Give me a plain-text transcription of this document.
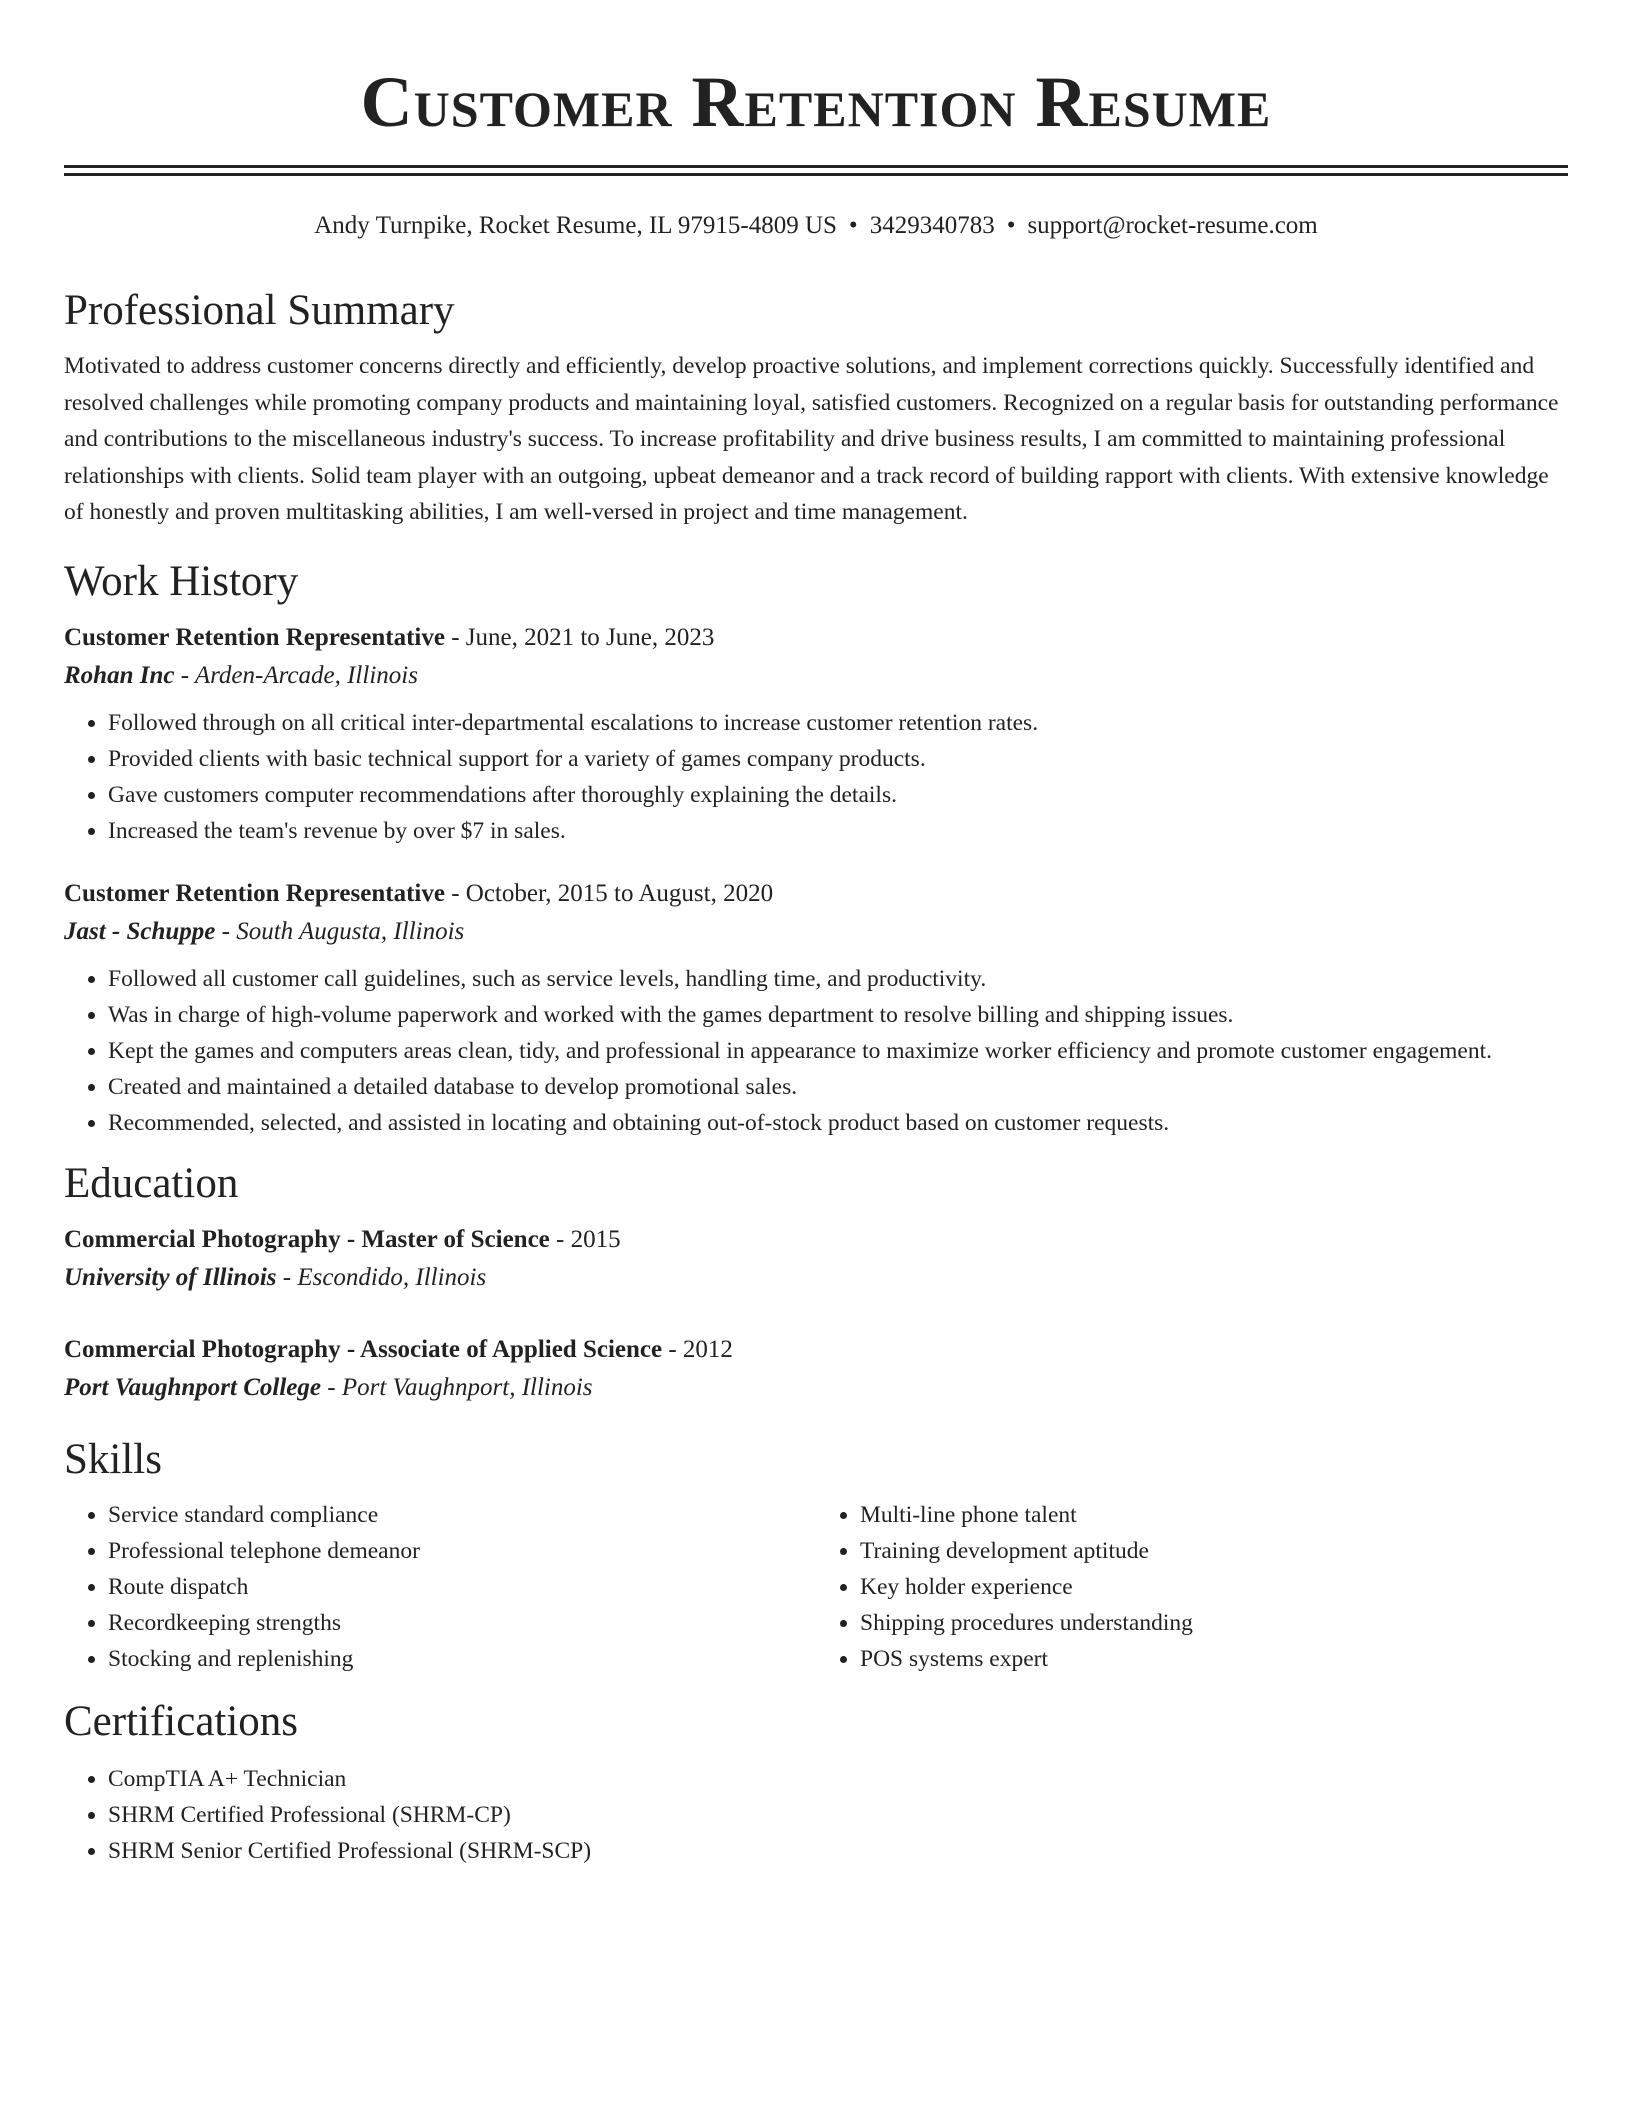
Customer Retention Resume
Andy Turnpike, Rocket Resume, IL 97915-4809 US • 3429340783 • support@rocket-resume.com
Professional Summary

Motivated to address customer concerns directly and efficiently, develop proactive solutions, and implement corrections quickly. Successfully identified and resolved challenges while promoting company products and maintaining loyal, satisfied customers. Recognized on a regular basis for outstanding performance and contributions to the miscellaneous industry's success. To increase profitability and drive business results, I am committed to maintaining professional relationships with clients. Solid team player with an outgoing, upbeat demeanor and a track record of building rapport with clients. With extensive knowledge of honestly and proven multitasking abilities, I am well-versed in project and time management.

Work History
Customer Retention Representative - June, 2021 to June, 2023
Rohan Inc - Arden-Arcade, Illinois
• Followed through on all critical inter-departmental escalations to increase customer retention rates.
• Provided clients with basic technical support for a variety of games company products.
• Gave customers computer recommendations after thoroughly explaining the details.
• Increased the team's revenue by over $7 in sales.
Customer Retention Representative - October, 2015 to August, 2020
Jast - Schuppe - South Augusta, Illinois
• Followed all customer call guidelines, such as service levels, handling time, and productivity.
• Was in charge of high-volume paperwork and worked with the games department to resolve billing and shipping issues.
• Kept the games and computers areas clean, tidy, and professional in appearance to maximize worker efficiency and promote customer engagement.
• Created and maintained a detailed database to develop promotional sales.
• Recommended, selected, and assisted in locating and obtaining out-of-stock product based on customer requests.
Education
Commercial Photography - Master of Science - 2015
University of Illinois - Escondido, Illinois
Commercial Photography - Associate of Applied Science - 2012
Port Vaughnport College - Port Vaughnport, Illinois
Skills
• Service standard compliance
• Professional telephone demeanor
• Route dispatch
• Recordkeeping strengths
• Stocking and replenishing
• Multi-line phone talent
• Training development aptitude
• Key holder experience
• Shipping procedures understanding
• POS systems expert
Certifications
• CompTIA A+ Technician
• SHRM Certified Professional (SHRM-CP)
• SHRM Senior Certified Professional (SHRM-SCP)
